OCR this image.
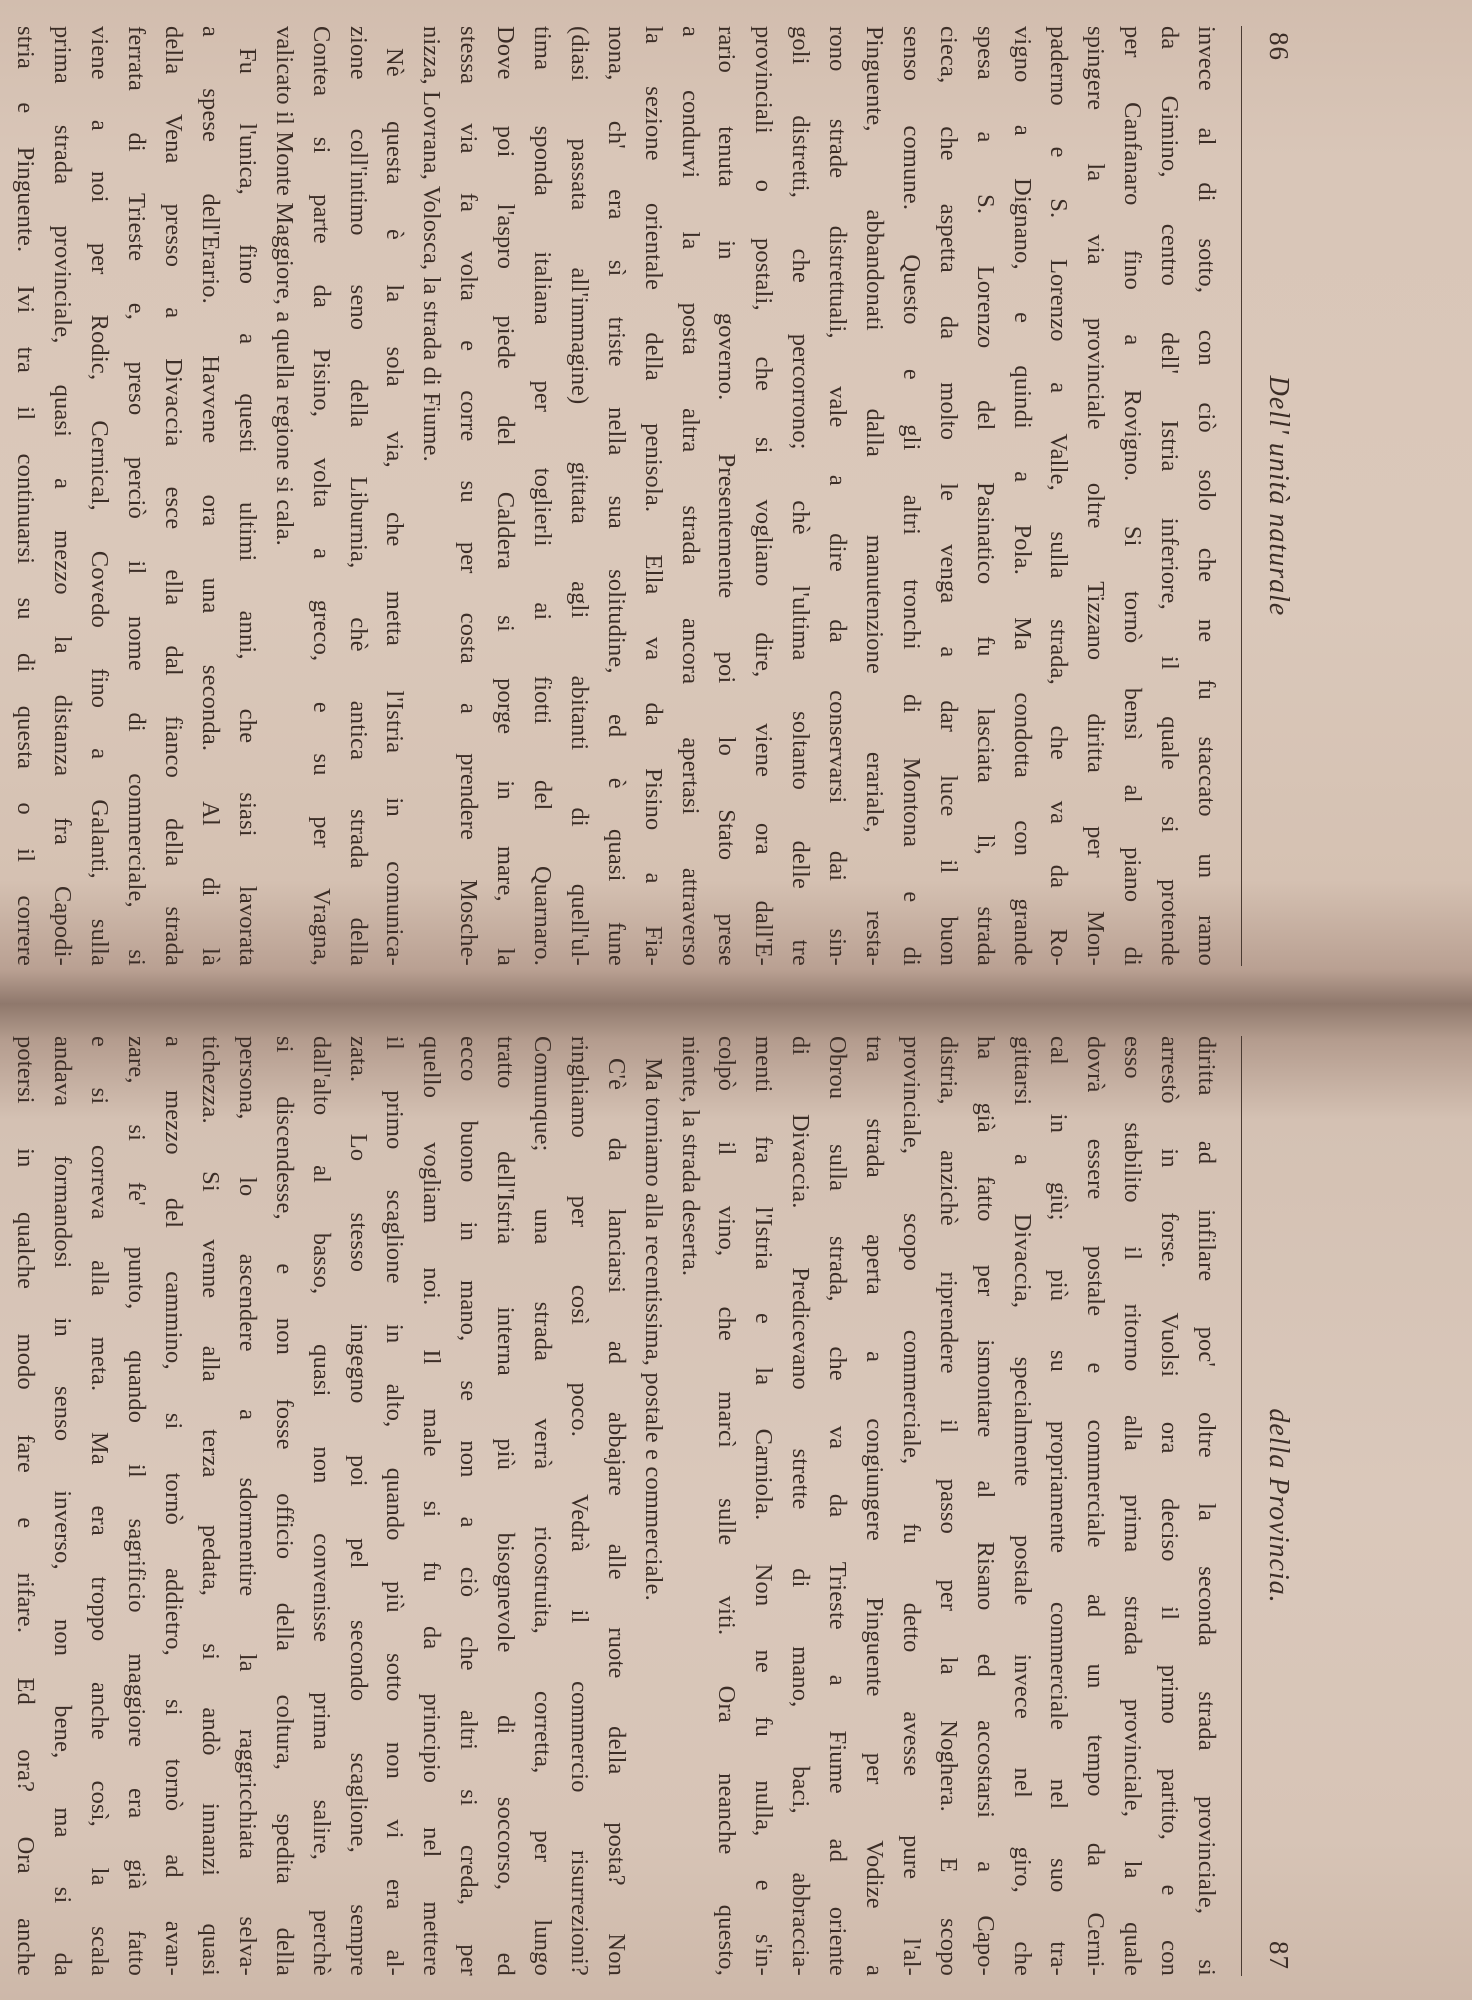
86
Dell' unità naturale
invece al di sotto, con ciò solo che ne fu staccato un ramo
da Gimino, centro dell' Istria inferiore, il quale si protende
per Canfanaro fino a Rovigno. Si tornò bensì al piano di
spingere la via provinciale oltre Tizzano diritta per Mon-
paderno e S. Lorenzo a Valle, sulla strada, che va da Ro-
vigno a Dignano, e quindi a Pola. Ma condotta con grande
spesa a S. Lorenzo del Pasinatico fu lasciata lì, strada
cieca, che aspetta da molto le venga a dar luce il buon
senso comune. Questo e gli altri tronchi di Montona e di
Pinguente, abbandonati dalla manutenzione erariale, resta-
rono strade distrettuali, vale a dire da conservarsi dai sin-
goli distretti, che percorrono; chè l'ultima soltanto delle tre
provinciali o postali, che si vogliano dire, viene ora dall'E-
rario tenuta in governo. Presentemente poi lo Stato prese
a condurvi la posta altra strada ancora apertasi attraverso
la sezione orientale della penisola. Ella va da Pisino a Fia-
nona, ch' era sì triste nella sua solitudine, ed è quasi fune
(diasi passata all'immagine) gittata agli abitanti di quell'ul-
tima sponda italiana per toglierli ai fiotti del Quarnaro.
Dove poi l'aspro piede del Caldera si porge in mare, la
stessa via fa volta e corre su per costa a prendere Mosche-
nizza, Lovrana, Volosca, la strada di Fiume.
Nè questa è la sola via, che metta l'Istria in comunica-
zione coll'intimo seno della Liburnia, chè antica strada della
Contea si parte da Pisino, volta a greco, e su per Vragna,
valicato il Monte Maggiore, a quella regione si cala.
Fu l'unica, fino a questi ultimi anni, che siasi lavorata
a spese dell'Erario. Havvene ora una seconda. Al di là
della Vena presso a Divaccia esce ella dal fianco della strada
ferrata di Trieste e, preso perciò il nome di commerciale, si
viene a noi per Rodic, Cernical, Covedo fino a Galanti, sulla
prima strada provinciale, quasi a mezzo la distanza fra Capodi-
stria e Pinguente. Ivi tra il continuarsi su di questa o il correre
87
della Provincia.
diritta ad infilare poc' oltre la seconda strada provinciale, si
arrestò in forse. Vuolsi ora deciso il primo partito, e con
esso stabilito il ritorno alla prima strada provinciale, la quale
dovrà essere postale e commerciale ad un tempo da Cerni-
cal in giù; più su propriamente commerciale nel suo tra-
gittarsi a Divaccia, specialmente postale invece nel giro, che
ha già fatto per ismontare al Risano ed accostarsi a Capo-
distria, anzichè riprendere il passo per la Noghera. E scopo
provinciale, scopo commerciale, fu detto avesse pure l'al-
tra strada aperta a congiungere Pinguente per Vodize a
Obrou sulla strada, che va da Trieste a Fiume ad oriente
di Divaccia. Predicevano strette di mano, baci, abbraccia-
menti fra l'Istria e la Carniola. Non ne fu nulla, e s'in-
colpò il vino, che marcì sulle viti. Ora neanche questo,
niente, la strada deserta.
Ma torniamo alla recentissima, postale e commerciale.
C'è da lanciarsi ad abbajare alle ruote della posta? Non
ringhiamo per così poco. Vedrà il commercio risurrezioni?
Comunque; una strada verrà ricostruita, corretta, per lungo
tratto dell'Istria interna più bisognevole di soccorso, ed
ecco buono in mano, se non a ciò che altri si creda, per
quello vogliam noi. Il male si fu da principio nel mettere
il primo scaglione in alto, quando più sotto non vi era al-
zata. Lo stesso ingegno poi pel secondo scaglione, sempre
dall'alto al basso, quasi non convenisse prima salire, perchè
si discendesse, e non fosse officio della coltura, spedita della
persona, lo ascendere a sdormentire la raggricchiata selva-
tichezza. Si venne alla terza pedata, si andò innanzi quasi
a mezzo del cammino, si tornò addietro, si tornò ad avan-
zare, si fe' punto, quando il sagrificio maggiore era già fatto
e si correva alla meta. Ma era troppo anche così, la scala
andava formandosi in senso inverso, non bene, ma si da
potersi in qualche modo fare e rifare. Ed ora? Ora anche
